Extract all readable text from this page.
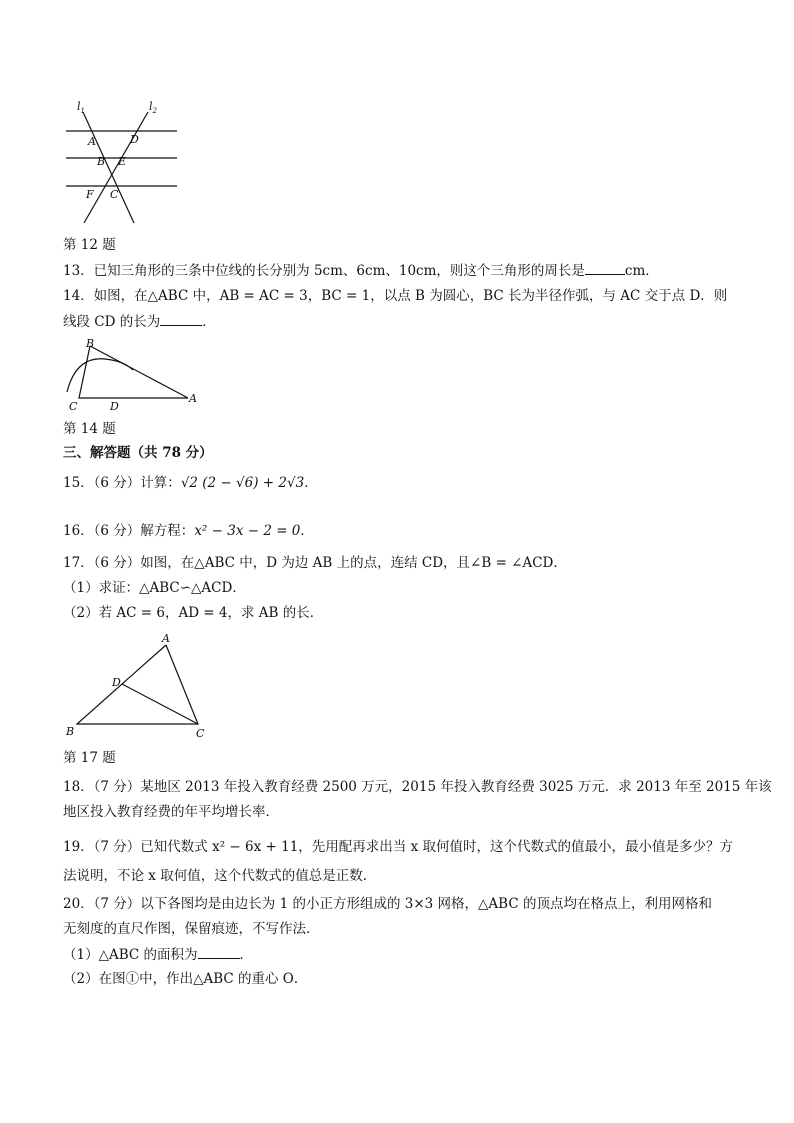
$l_1$	$l_2$
A	D
B E
F C
第 12 题
13．已知三角形的三条中位线的长分别为 5cm、6cm、10cm，则这个三角形的周长是	cm．
14．如图，在△ABC 中，AB = AC = 3，BC = 1，以点 B 为圆心，BC 长为半径作弧，与 AC 交于点 D．则
线段 CD 的长为	．
B
C	D
A
第 14 题
三、解答题（共 78 分）
15．（6 分）计算：√2 (2 − √6) + 2√3．
16．（6 分）解方程：x² − 3x − 2 = 0．
17．（6 分）如图，在△ABC 中，D 为边 AB 上的点，连结 CD，且∠B = ∠ACD．
（1）求证：△ABC∽△ACD．
（2）若 AC = 6，AD = 4，求 AB 的长．
A
D
B	C
第 17 题
18．（7 分）某地区 2013 年投入教育经费 2500 万元，2015 年投入教育经费 3025 万元．求 2013 年至 2015 年该
地区投入教育经费的年平均增长率．
19．（7 分）已知代数式 x² − 6x + 11，先用配再求出当 x 取何值时，这个代数式的值最小，最小值是多少？方
法说明，不论 x 取何值，这个代数式的值总是正数．
20．（7 分）以下各图均是由边长为 1 的小正方形组成的 3×3 网格，△ABC 的顶点均在格点上，利用网格和
无刻度的直尺作图，保留痕迹，不写作法．
（1）△ABC 的面积为	．
（2）在图①中，作出△ABC 的重心 O．
